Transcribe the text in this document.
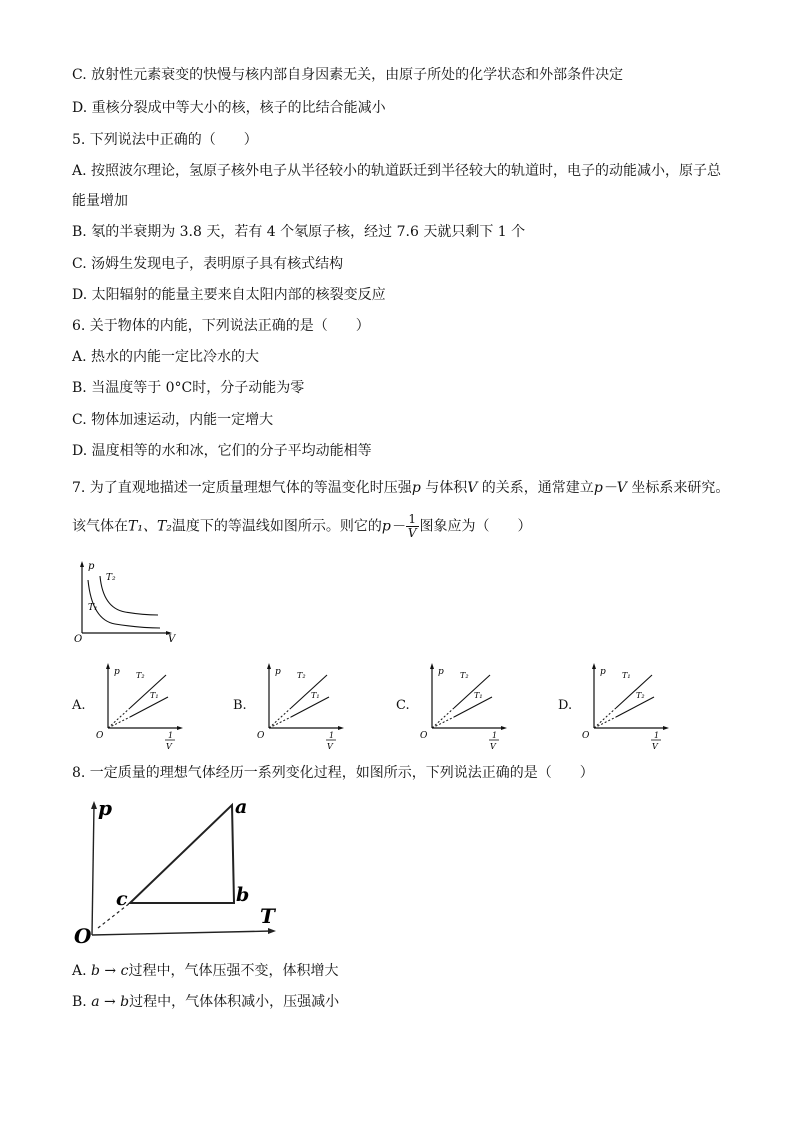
C. 放射性元素衰变的快慢与核内部自身因素无关，由原子所处的化学状态和外部条件决定
D. 重核分裂成中等大小的核，核子的比结合能减小
5. 下列说法中正确的（　　）
A. 按照波尔理论，氢原子核外电子从半径较小的轨道跃迁到半径较大的轨道时，电子的动能减小，原子总
能量增加
B. 氡的半衰期为 3.8 天，若有 4 个氡原子核，经过 7.6 天就只剩下 1 个
C. 汤姆生发现电子，表明原子具有核式结构
D. 太阳辐射的能量主要来自太阳内部的核裂变反应
6. 关于物体的内能，下列说法正确的是（　　）
A. 热水的内能一定比冷水的大
B. 当温度等于 0°C时，分子动能为零
C. 物体加速运动，内能一定增大
D. 温度相等的水和冰，它们的分子平均动能相等
7. 为了直观地描述一定质量理想气体的等温变化时压强p 与体积V 的关系，通常建立p－V 坐标系来研究。
该气体在T₁、T₂温度下的等温线如图所示。则它的$p- \frac{1}{V}$ 图象应为（　　）
p
T₂
T₁
O	V
A.
p T₂
T₁
O	1
V
B.
p T₂
T₁
O	1
V
C.
p T₂
T₁
O	1
V
D.
p T₁
T₂
O	1
V
8. 一定质量的理想气体经历一系列变化过程，如图所示，下列说法正确的是（　　）
p	a
b
c
O
T
A. b → c过程中，气体压强不变，体积增大
B. a → b过程中，气体体积减小，压强减小
